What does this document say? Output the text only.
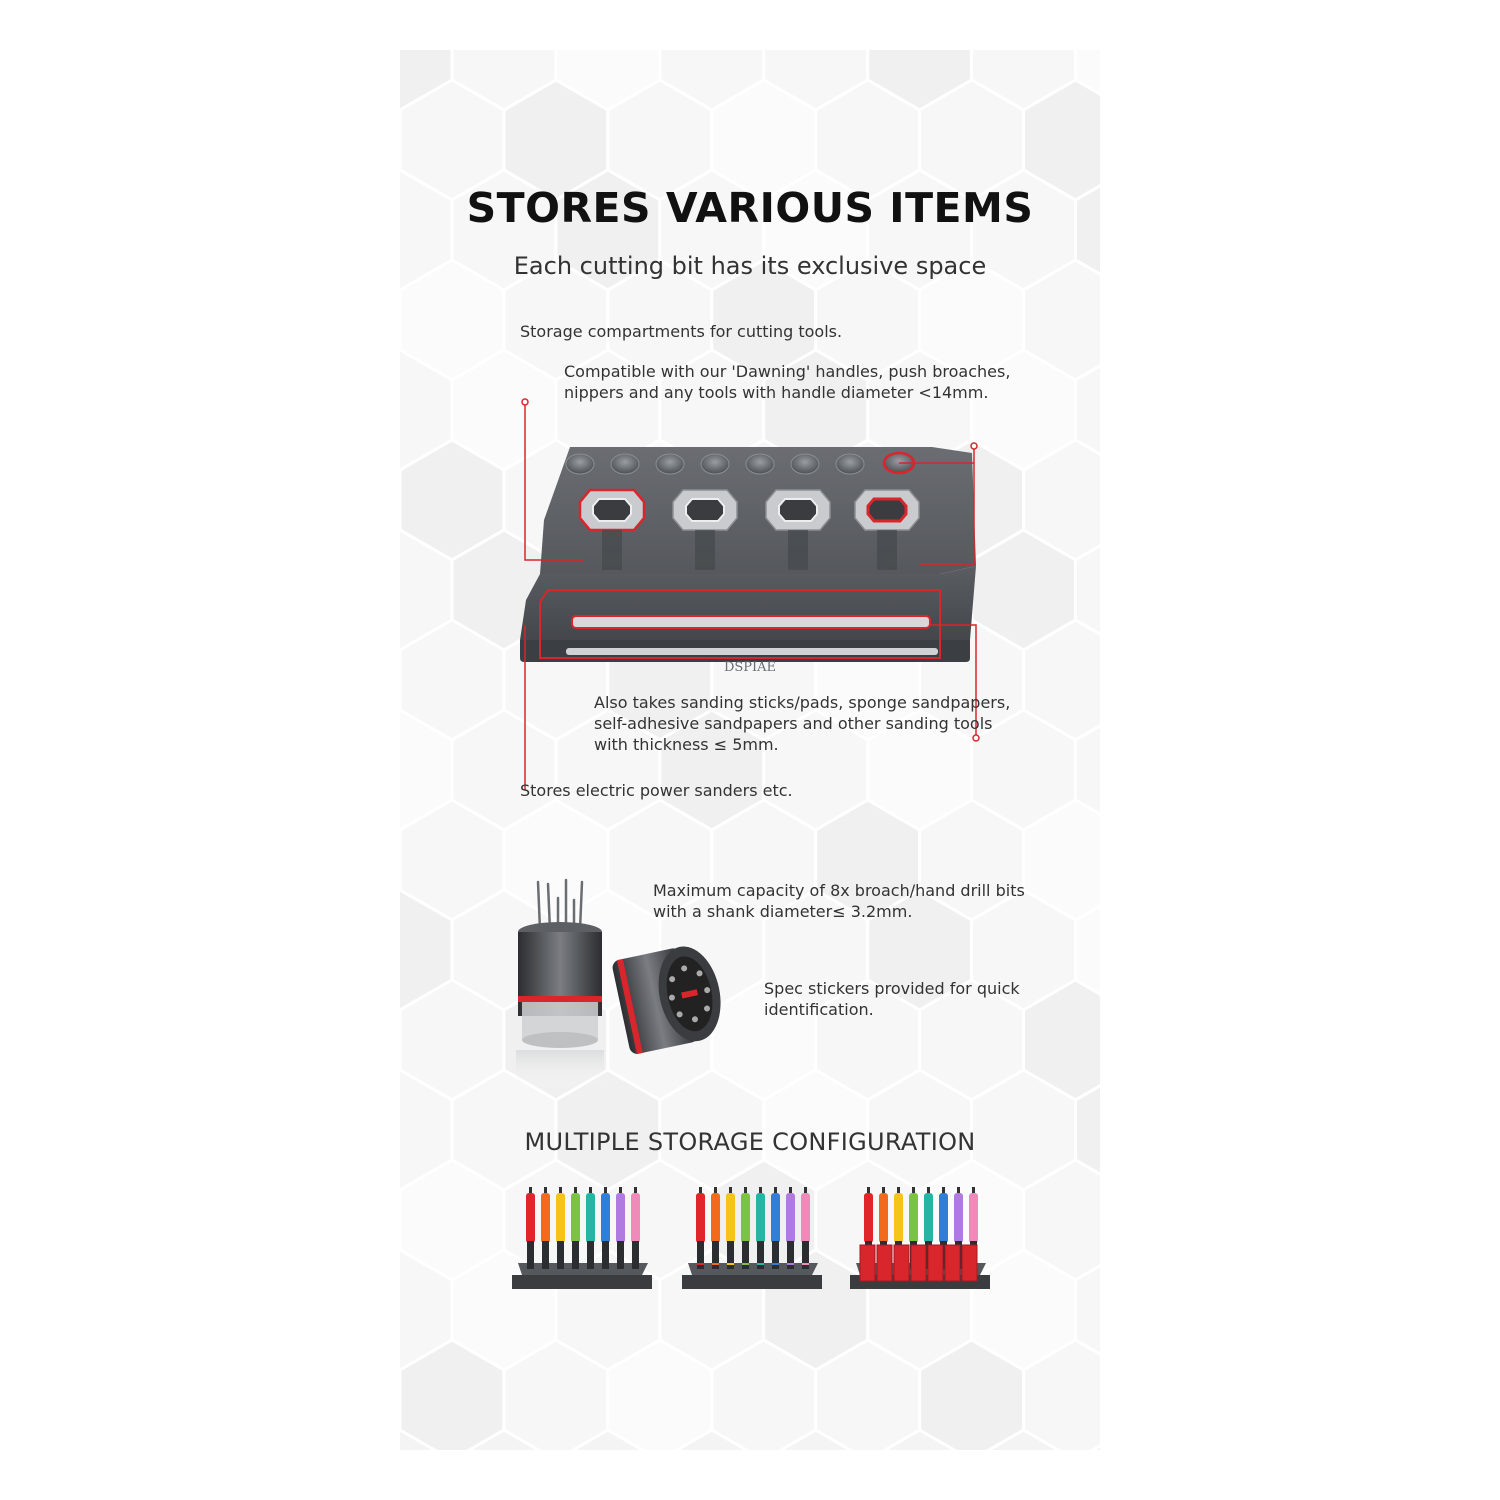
STORES VARIOUS ITEMS

Each cutting bit has its exclusive space

Storage compartments for cutting tools.

Compatible with our 'Dawning' handles, push broaches,
nippers and any tools with handle diameter <14mm.
DSPIAE
Also takes sanding sticks/pads, sponge sandpapers,
self-adhesive sandpapers and other sanding tools
with thickness ≤ 5mm.

Stores electric power sanders etc.

Maximum capacity of 8x broach/hand drill bits
with a shank diameter≤ 3.2mm.
Spec stickers provided for quick
identification.

MULTIPLE STORAGE CONFIGURATION
